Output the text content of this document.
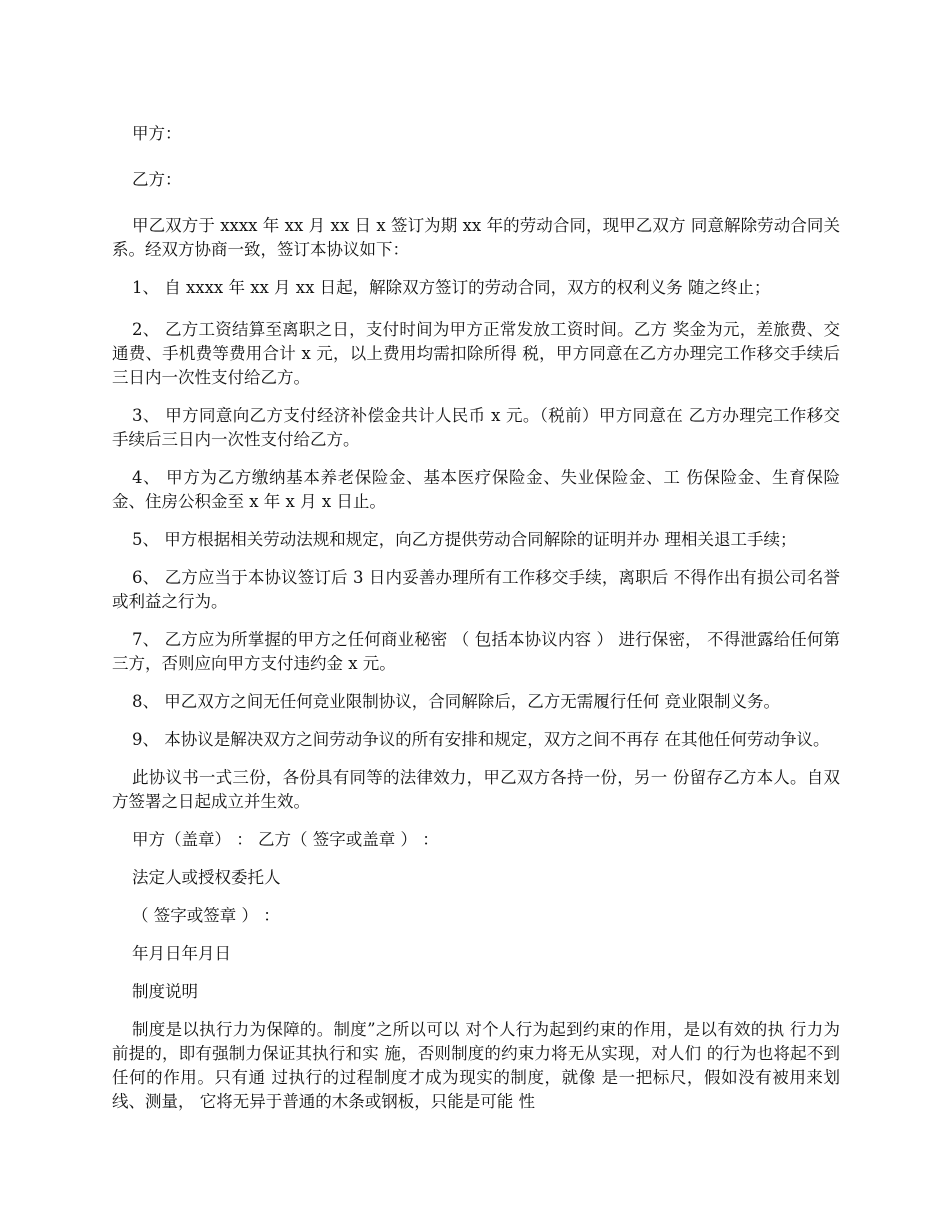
甲方：

乙方：

甲乙双方于 xxxx 年 xx 月 xx 日 x 签订为期 xx 年的劳动合同，现甲乙双方 同意解除劳动合同关系。经双方协商一致，签订本协议如下：

1、 自 xxxx 年 xx 月 xx 日起，解除双方签订的劳动合同，双方的权利义务 随之终止；

2、 乙方工资结算至离职之日，支付时间为甲方正常发放工资时间。乙方 奖金为元，差旅费、交通费、手机费等费用合计 x 元，以上费用均需扣除所得 税，甲方同意在乙方办理完工作移交手续后三日内一次性支付给乙方。

3、 甲方同意向乙方支付经济补偿金共计人民币 x 元。（税前）甲方同意在 乙方办理完工作移交手续后三日内一次性支付给乙方。

4、 甲方为乙方缴纳基本养老保险金、基本医疗保险金、失业保险金、工 伤保险金、生育保险金、住房公积金至 x 年 x 月 x 日止。

5、 甲方根据相关劳动法规和规定，向乙方提供劳动合同解除的证明并办 理相关退工手续；

6、 乙方应当于本协议签订后 3 日内妥善办理所有工作移交手续，离职后 不得作出有损公司名誉或利益之行为。

7、 乙方应为所掌握的甲方之任何商业秘密 （ 包括本协议内容 ） 进行保密， 不得泄露给任何第三方，否则应向甲方支付违约金 x 元。

8、 甲乙双方之间无任何竞业限制协议，合同解除后，乙方无需履行任何 竞业限制义务。

9、 本协议是解决双方之间劳动争议的所有安排和规定，双方之间不再存 在其他任何劳动争议。

此协议书一式三份，各份具有同等的法律效力，甲乙双方各持一份，另一 份留存乙方本人。自双方签署之日起成立并生效。

甲方（盖章） ： 乙方（ 签字或盖章 ） ：

法定人或授权委托人

（ 签字或签章 ） ：

年月日年月日

制度说明

制度是以执行力为保障的。制度”之所以可以 对个人行为起到约束的作用，是以有效的执 行力为前提的，即有强制力保证其执行和实 施，否则制度的约束力将无从实现，对人们 的行为也将起不到任何的作用。只有通 过执行的过程制度才成为现实的制度，就像 是一把标尺，假如没有被用来划线、测量， 它将无异于普通的木条或钢板，只能是可能 性
